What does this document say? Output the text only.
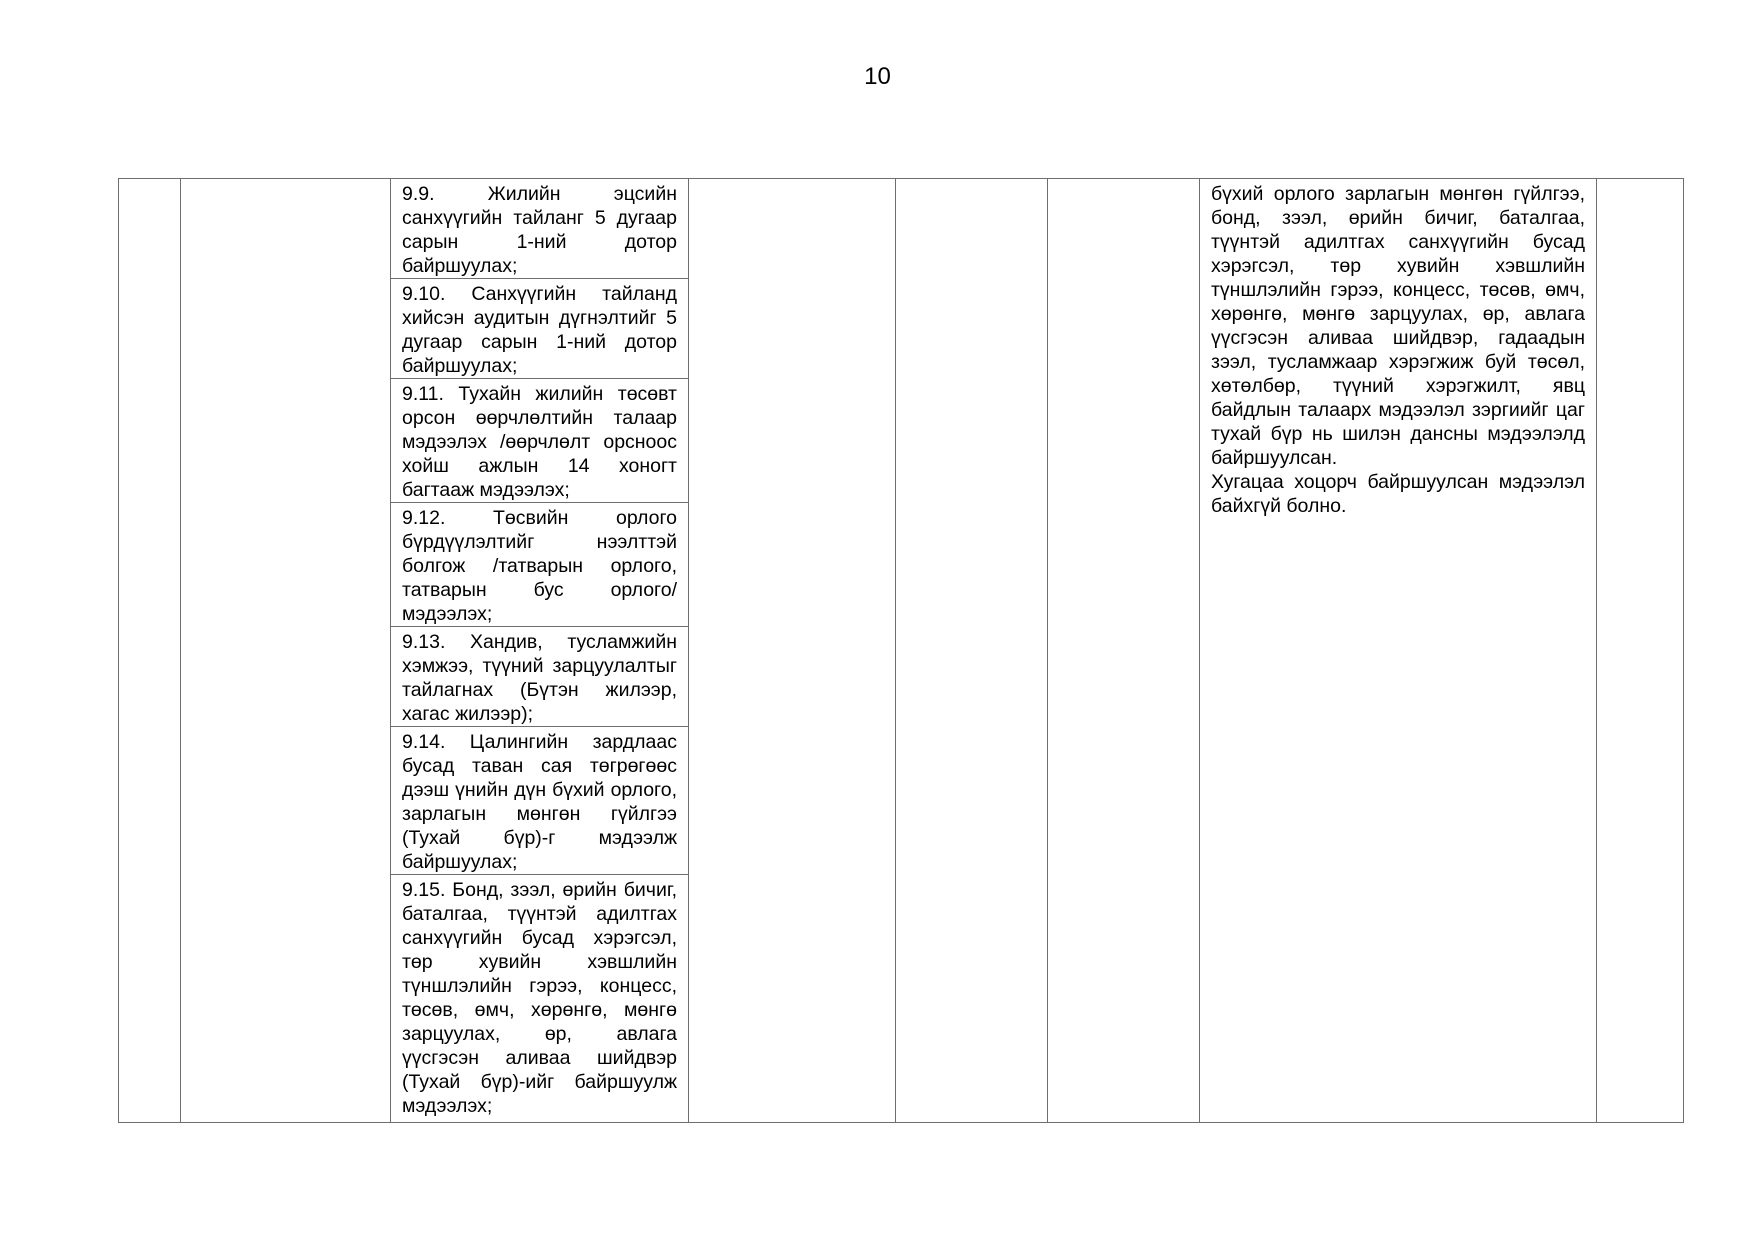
10

9.9. Жилийн эцсийн санхүүгийн тайланг 5 дугаар сарын 1-ний дотор байршуулах;
9.10. Санхүүгийн тайланд хийсэн аудитын дүгнэлтийг 5 дугаар сарын 1-ний дотор байршуулах;
9.11. Тухайн жилийн төсөвт орсон өөрчлөлтийн талаар мэдээлэх /өөрчлөлт орсноос хойш ажлын 14 хоногт багтааж мэдээлэх;
9.12. Төсвийн орлого бүрдүүлэлтийг нээлттэй болгож /татварын орлого, татварын бус орлого/ мэдээлэх;
9.13. Хандив, тусламжийн хэмжээ, түүний зарцуулалтыг тайлагнах (Бүтэн жилээр, хагас жилээр);
9.14. Цалингийн зардлаас бусад таван сая төгрөгөөс дээш үнийн дүн бүхий орлого, зарлагын мөнгөн гүйлгээ (Тухай бүр)-г мэдээлж байршуулах;
9.15. Бонд, зээл, өрийн бичиг, баталгаа, түүнтэй адилтгах санхүүгийн бусад хэрэгсэл, төр хувийн хэвшлийн түншлэлийн гэрээ, концесс, төсөв, өмч, хөрөнгө, мөнгө зарцуулах, өр, авлага үүсгэсэн аливаа шийдвэр (Тухай бүр)-ийг байршуулж мэдээлэх;

бүхий орлого зарлагын мөнгөн гүйлгээ, бонд, зээл, өрийн бичиг, баталгаа, түүнтэй адилтгах санхүүгийн бусад хэрэгсэл, төр хувийн хэвшлийн түншлэлийн гэрээ, концесс, төсөв, өмч, хөрөнгө, мөнгө зарцуулах, өр, авлага үүсгэсэн аливаа шийдвэр, гадаадын зээл, тусламжаар хэрэгжиж буй төсөл, хөтөлбөр, түүний хэрэгжилт, явц байдлын талаарх мэдээлэл зэргиийг цаг тухай бүр нь шилэн дансны мэдээлэлд байршуулсан.

Хугацаа хоцорч байршуулсан мэдээлэл байхгүй болно.
